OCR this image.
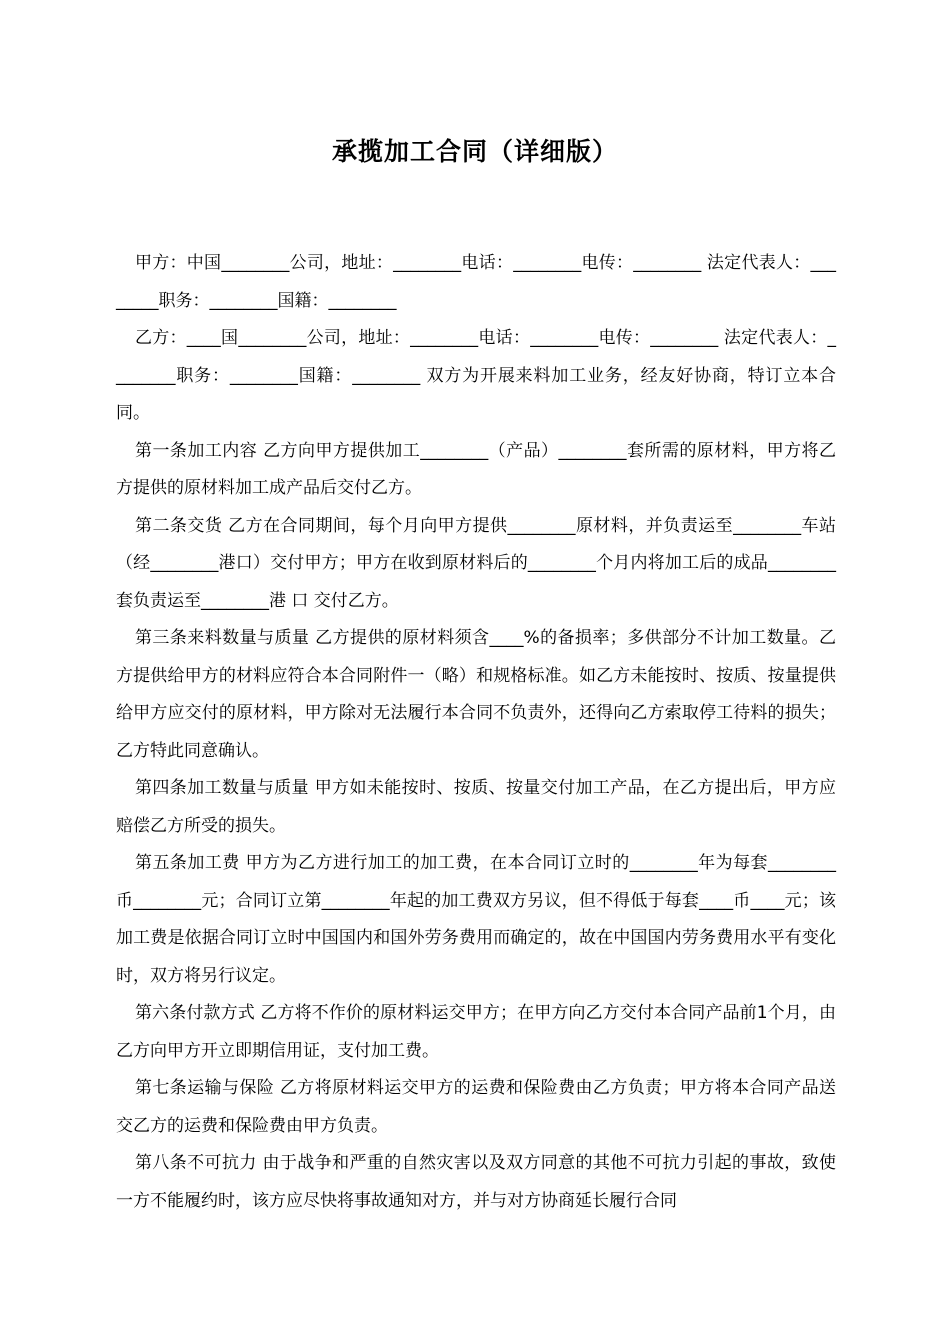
承揽加工合同（详细版）

甲方：中国________公司，地址：________电话：________电传：________ 法定代表人：________职务：________国籍：________

乙方：____国________公司，地址：________电话：________电传：________ 法定代表人：________职务：________国籍：________ 双方为开展来料加工业务，经友好协商，特订立本合同。

第一条加工内容 乙方向甲方提供加工________（产品）________套所需的原材料，甲方将乙方提供的原材料加工成产品后交付乙方。

第二条交货 乙方在合同期间，每个月向甲方提供________原材料，并负责运至________车站（经________港口）交付甲方；甲方在收到原材料后的________个月内将加工后的成品________套负责运至________港 口 交付乙方。

第三条来料数量与质量 乙方提供的原材料须含____%的备损率；多供部分不计加工数量。乙方提供给甲方的材料应符合本合同附件一（略）和规格标准。如乙方未能按时、按质、按量提供给甲方应交付的原材料，甲方除对无法履行本合同不负责外，还得向乙方索取停工待料的损失；乙方特此同意确认。

第四条加工数量与质量 甲方如未能按时、按质、按量交付加工产品，在乙方提出后，甲方应赔偿乙方所受的损失。

第五条加工费 甲方为乙方进行加工的加工费，在本合同订立时的________年为每套________币________元；合同订立第________年起的加工费双方另议，但不得低于每套____币____元；该加工费是依据合同订立时中国国内和国外劳务费用而确定的，故在中国国内劳务费用水平有变化时，双方将另行议定。

第六条付款方式 乙方将不作价的原材料运交甲方；在甲方向乙方交付本合同产品前1个月，由乙方向甲方开立即期信用证，支付加工费。

第七条运输与保险 乙方将原材料运交甲方的运费和保险费由乙方负责；甲方将本合同产品送交乙方的运费和保险费由甲方负责。

第八条不可抗力 由于战争和严重的自然灾害以及双方同意的其他不可抗力引起的事故，致使一方不能履约时，该方应尽快将事故通知对方，并与对方协商延长履行合同
